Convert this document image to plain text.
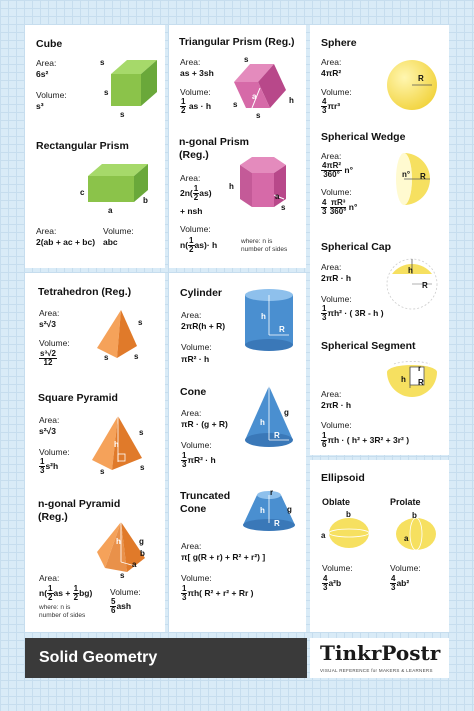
Cube
Area:
6s²
Volume:
s³
s
s
s
Rectangular Prism
c
a
b
Area:
2(ab + ac + bc)
Volume:
abc
Triangular Prism (Reg.)
Area:
as + 3sh
Volume:
$\frac{1}{2}$ as · h
s
a	h
s
s
n-gonal Prism
(Reg.)
Area:
$2n( \frac{1}{2} as)$
+ nsh
Volume:
$n( \frac{1}{2} as)\cdot h$
h
a
s
where: n is
number of sides
Sphere
Area:
4πR²
Volume:
$\frac{4}{3} \pi r^3$
R
Spherical Wedge
Area:
$\frac{\text{4πR²}}{360^\circ} n^\circ$
Volume:
$\frac{4}{3}$
$\frac{\text{πR³}}{360^\circ} n^\circ$
n° R
Spherical Cap
Area:
2πR · h
Volume:
$\frac{1}{3} \pi h^2$ · ( 3R - h )
h
R
Spherical Segment
Area:
2πR · h
Volume:
$\frac{1}{6}$ πh · ( h² + 3R² + 3r² )
h
r
R
Ellipsoid
Oblate	Prolate
a
b
a
b
Volume:
$\frac{4}{3} a^2b$
Volume:
$\frac{4}{3} ab^2$
Tetrahedron (Reg.)
Area:
s²√3
Volume:
$\frac{\text{s³√2}}{12}$
s
s	s
Square Pyramid
Area:
s²√3
Volume:
$\frac{1}{3} s^2h$
h
s
s	s
n-gonal Pyramid
(Reg.)
h g
a
b
s
Area:
$n( \frac{1}{2}$ as + $\frac{1}{2} bg$)
where: n is
number of sides
Volume:
$\frac{5}{6}$ ash
Cylinder
Area:
2πR(h + R)
Volume:
πR² · h
h
R
Cone
Area:
πR · (g + R)
Volume:
$\frac{1}{3} \pi R^2 \cdot h$
h
g
R
Truncated
Cone	h	g
r
R
Area:
π[ g(R + r) + R² + r²) ]
Volume:
$\frac{1}{3} \pi h$( R² + r² + Rr )
Solid Geometry	TinkrPostr
VISUAL REFERENCE for MAKERS & LEARNERS
